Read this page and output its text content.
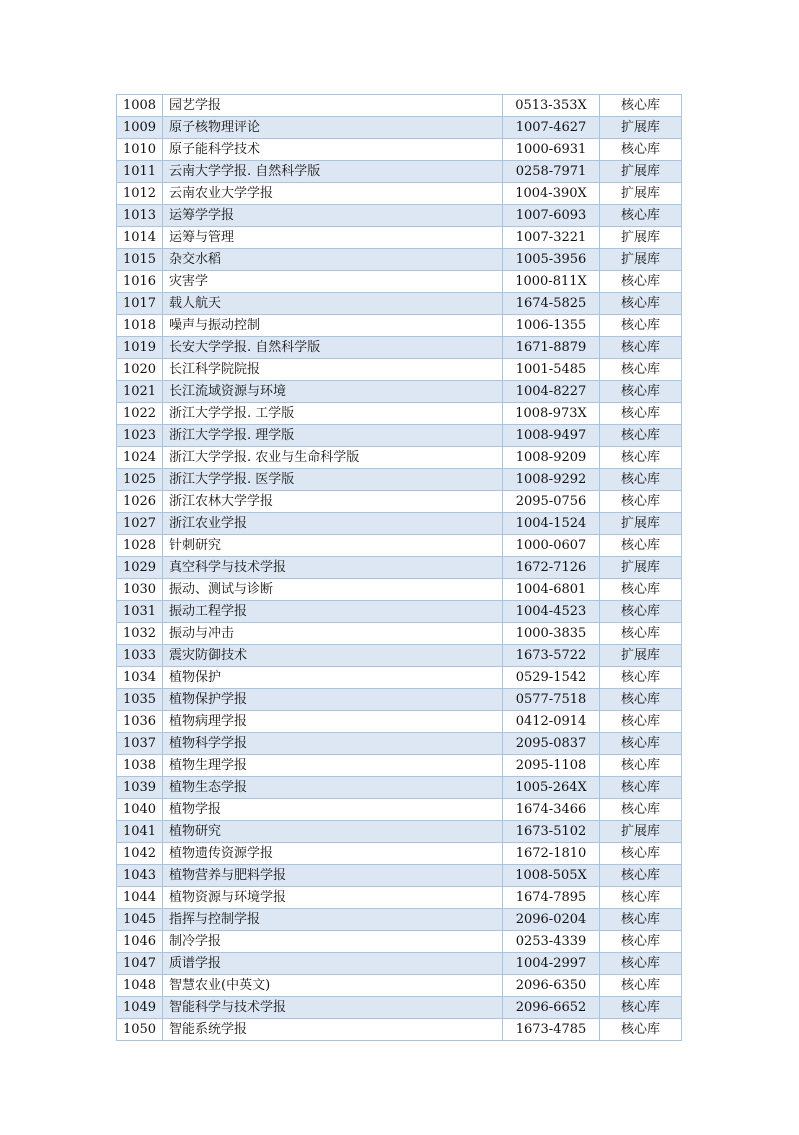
1008	园艺学报	0513-353X	核心库
1009	原子核物理评论	1007-4627	扩展库
1010	原子能科学技术	1000-6931	核心库
1011	云南大学学报. 自然科学版	0258-7971	扩展库
1012	云南农业大学学报	1004-390X	扩展库
1013	运筹学学报	1007-6093	核心库
1014	运筹与管理	1007-3221	扩展库
1015	杂交水稻	1005-3956	扩展库
1016	灾害学	1000-811X	核心库
1017	载人航天	1674-5825	核心库
1018	噪声与振动控制	1006-1355	核心库
1019	长安大学学报. 自然科学版	1671-8879	核心库
1020	长江科学院院报	1001-5485	核心库
1021	长江流域资源与环境	1004-8227	核心库
1022	浙江大学学报. 工学版	1008-973X	核心库
1023	浙江大学学报. 理学版	1008-9497	核心库
1024	浙江大学学报. 农业与生命科学版	1008-9209	核心库
1025	浙江大学学报. 医学版	1008-9292	核心库
1026	浙江农林大学学报	2095-0756	核心库
1027	浙江农业学报	1004-1524	扩展库
1028	针刺研究	1000-0607	核心库
1029	真空科学与技术学报	1672-7126	扩展库
1030	振动、测试与诊断	1004-6801	核心库
1031	振动工程学报	1004-4523	核心库
1032	振动与冲击	1000-3835	核心库
1033	震灾防御技术	1673-5722	扩展库
1034	植物保护	0529-1542	核心库
1035	植物保护学报	0577-7518	核心库
1036	植物病理学报	0412-0914	核心库
1037	植物科学学报	2095-0837	核心库
1038	植物生理学报	2095-1108	核心库
1039	植物生态学报	1005-264X	核心库
1040	植物学报	1674-3466	核心库
1041	植物研究	1673-5102	扩展库
1042	植物遗传资源学报	1672-1810	核心库
1043	植物营养与肥料学报	1008-505X	核心库
1044	植物资源与环境学报	1674-7895	核心库
1045	指挥与控制学报	2096-0204	核心库
1046	制冷学报	0253-4339	核心库
1047	质谱学报	1004-2997	核心库
1048	智慧农业(中英文)	2096-6350	核心库
1049	智能科学与技术学报	2096-6652	核心库
1050	智能系统学报	1673-4785	核心库
